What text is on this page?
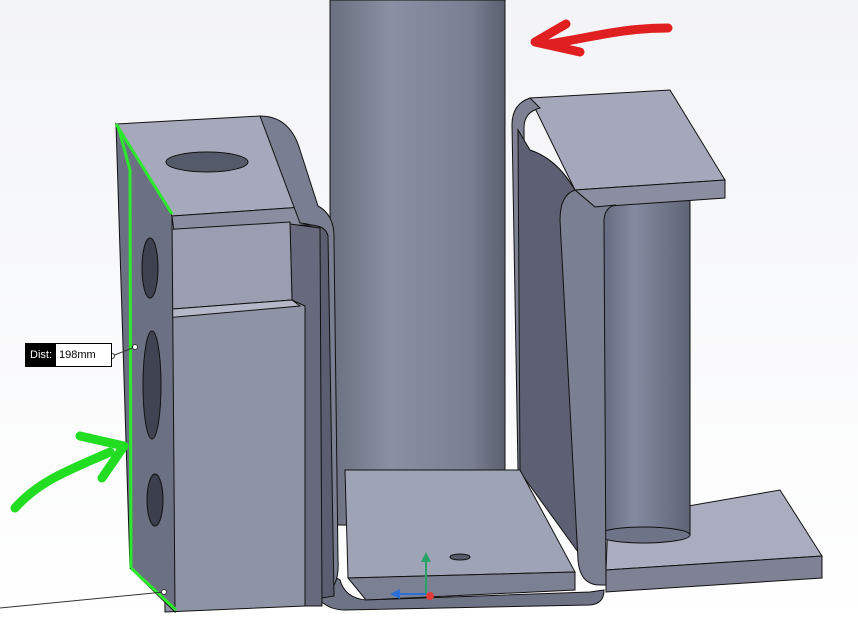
Dist: 198mm
